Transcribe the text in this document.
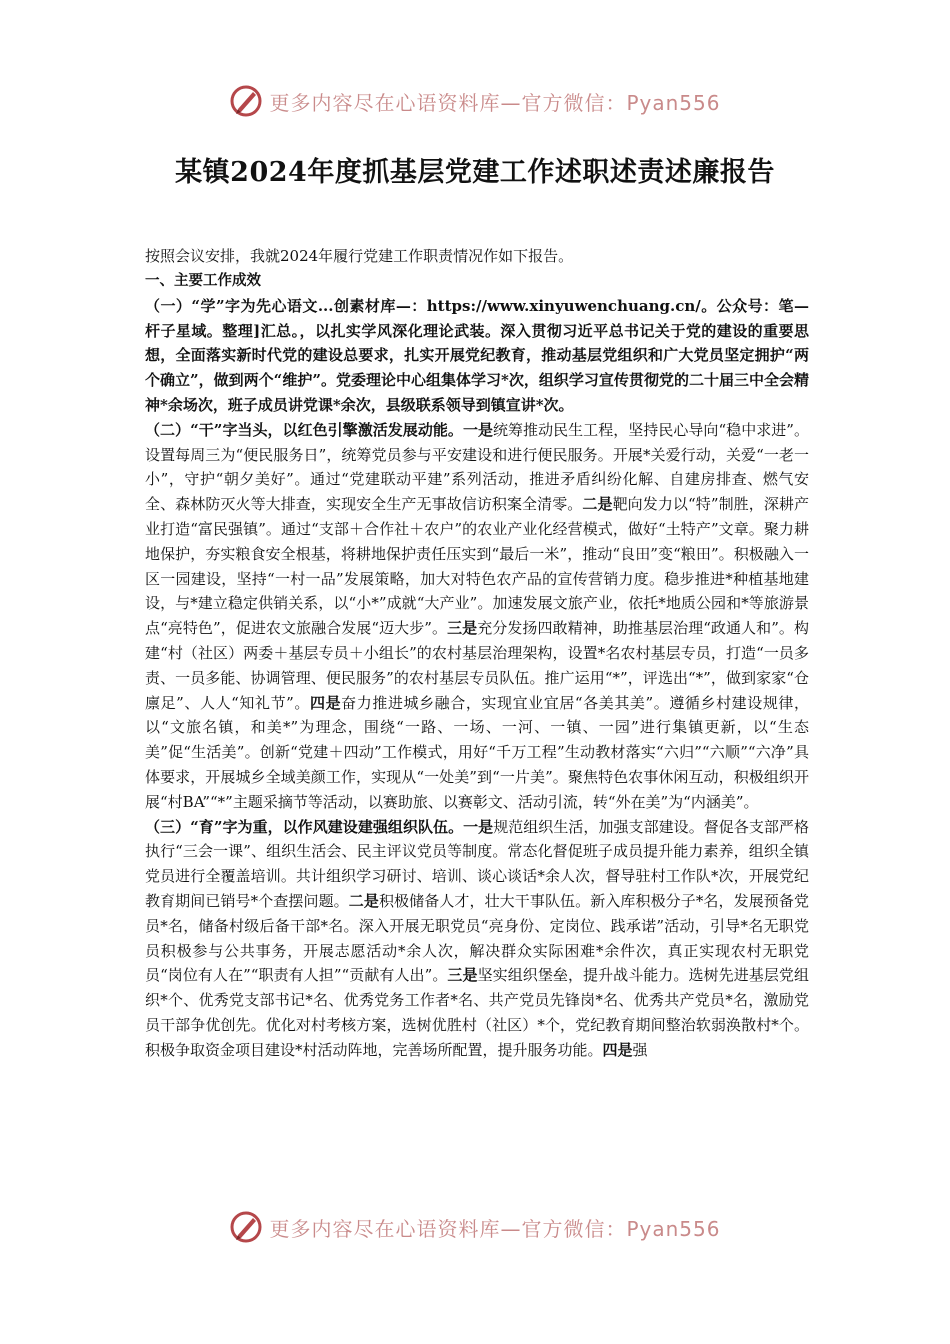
更多内容尽在心语资料库—官方微信：Pyan556
某镇2024年度抓基层党建工作述职述责述廉报告

按照会议安排，我就2024年履行党建工作职责情况作如下报告。

一、主要工作成效

（一）“学”字为先心语文...创素材库—：https://www.xinyuwenchuang.cn/。公众号：笔—杆子星域。整理]汇总。，以扎实学风深化理论武装。深入贯彻习近平总书记关于党的建设的重要思想，全面落实新时代党的建设总要求，扎实开展党纪教育，推动基层党组织和广大党员坚定拥护“两个确立”，做到两个“维护”。党委理论中心组集体学习*次，组织学习宣传贯彻党的二十届三中全会精神*余场次，班子成员讲党课*余次，县级联系领导到镇宣讲*次。

（二）“干”字当头，以红色引擎激活发展动能。一是统筹推动民生工程，坚持民心导向“稳中求进”。设置每周三为“便民服务日”，统筹党员参与平安建设和进行便民服务。开展*关爱行动，关爱“一老一小”，守护“朝夕美好”。通过“党建联动平建”系列活动，推进矛盾纠纷化解、自建房排查、燃气安全、森林防灭火等大排查，实现安全生产无事故信访积案全清零。二是靶向发力以“特”制胜，深耕产业打造“富民强镇”。通过“支部＋合作社＋农户”的农业产业化经营模式，做好“土特产”文章。聚力耕地保护，夯实粮食安全根基，将耕地保护责任压实到“最后一米”，推动“良田”变“粮田”。积极融入一区一园建设，坚持“一村一品”发展策略，加大对特色农产品的宣传营销力度。稳步推进*种植基地建设，与*建立稳定供销关系，以“小*”成就“大产业”。加速发展文旅产业，依托*地质公园和*等旅游景点“亮特色”，促进农文旅融合发展“迈大步”。三是充分发扬四敢精神，助推基层治理“政通人和”。构建“村（社区）两委＋基层专员＋小组长”的农村基层治理架构，设置*名农村基层专员，打造“一员多责、一员多能、协调管理、便民服务”的农村基层专员队伍。推广运用“*”，评选出“*”，做到家家“仓廪足”、人人“知礼节”。四是奋力推进城乡融合，实现宜业宜居“各美其美”。遵循乡村建设规律，以“文旅名镇，和美*”为理念，围绕“一路、一场、一河、一镇、一园”进行集镇更新，以“生态美”促“生活美”。创新“党建＋四动”工作模式，用好“千万工程”生动教材落实“六归”“六顺”“六净”具体要求，开展城乡全域美颜工作，实现从“一处美”到“一片美”。聚焦特色农事休闲互动，积极组织开展“村BA”“*”主题采摘节等活动，以赛助旅、以赛彰文、活动引流，转“外在美”为“内涵美”。

（三）“育”字为重，以作风建设建强组织队伍。一是规范组织生活，加强支部建设。督促各支部严格执行“三会一课”、组织生活会、民主评议党员等制度。常态化督促班子成员提升能力素养，组织全镇党员进行全覆盖培训。共计组织学习研讨、培训、谈心谈话*余人次，督导驻村工作队*次，开展党纪教育期间已销号*个查摆问题。二是积极储备人才，壮大干事队伍。新入库积极分子*名，发展预备党员*名，储备村级后备干部*名。深入开展无职党员“亮身份、定岗位、践承诺”活动，引导*名无职党员积极参与公共事务，开展志愿活动*余人次，解决群众实际困难*余件次，真正实现农村无职党员“岗位有人在”“职责有人担”“贡献有人出”。三是坚实组织堡垒，提升战斗能力。选树先进基层党组织*个、优秀党支部书记*名、优秀党务工作者*名、共产党员先锋岗*名、优秀共产党员*名，激励党员干部争优创先。优化对村考核方案，选树优胜村（社区）*个，党纪教育期间整治软弱涣散村*个。积极争取资金项目建设*村活动阵地，完善场所配置，提升服务功能。四是强

更多内容尽在心语资料库—官方微信：Pyan556
